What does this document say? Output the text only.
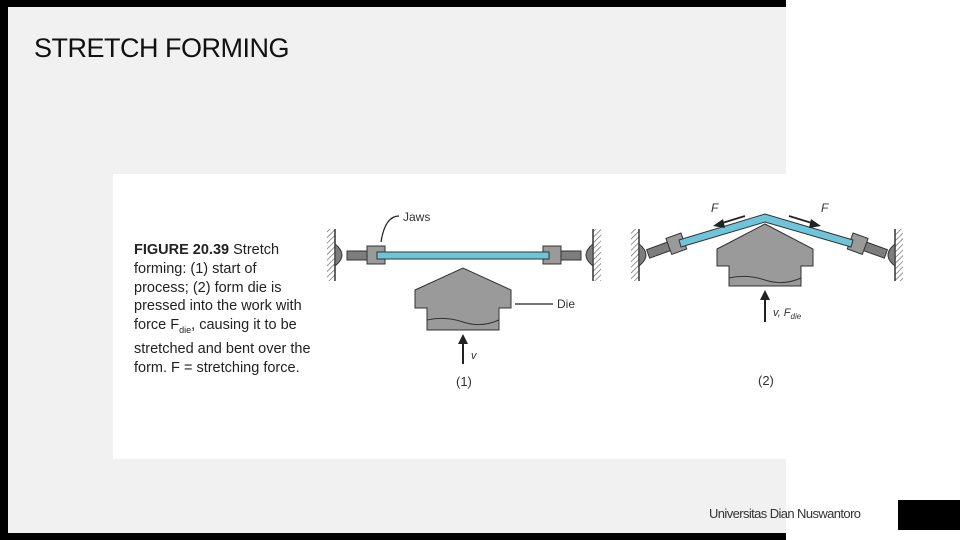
STRETCH FORMING
FIGURE 20.39 Stretch forming: (1) start of process; (2) form die is pressed into the work with force $F_{die}$, causing it to be stretched and bent over the form. F = stretching force.
v
Jaws
Die
(1)
F	F
v, $F_{die}$
(2)
Universitas Dian Nuswantoro
